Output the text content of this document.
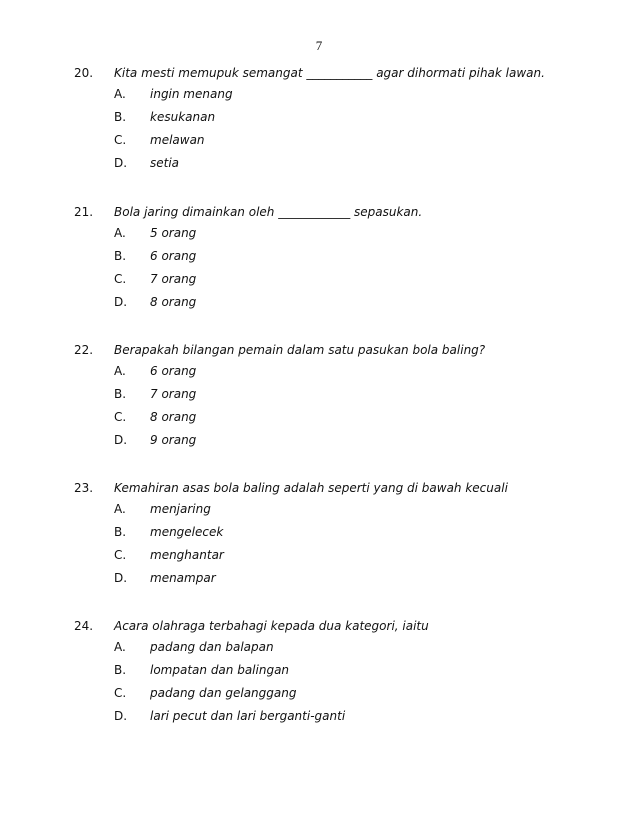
7
20.	Kita mesti memupuk semangat ___________ agar dihormati pihak lawan.
A.	ingin menang
B.	kesukanan
C.	melawan
D.	setia
21.	Bola jaring dimainkan oleh ____________ sepasukan.
A.	5 orang
B.	6 orang
C.	7 orang
D.	8 orang
22.	Berapakah bilangan pemain dalam satu pasukan bola baling?
A.	6 orang
B.	7 orang
C.	8 orang
D.	9 orang
23.	Kemahiran asas bola baling adalah seperti yang di bawah kecuali
A.	menjaring
B.	mengelecek
C.	menghantar
D.	menampar
24.	Acara olahraga terbahagi kepada dua kategori, iaitu
A.	padang dan balapan
B.	lompatan dan balingan
C.	padang dan gelanggang
D.	lari pecut dan lari berganti-ganti
